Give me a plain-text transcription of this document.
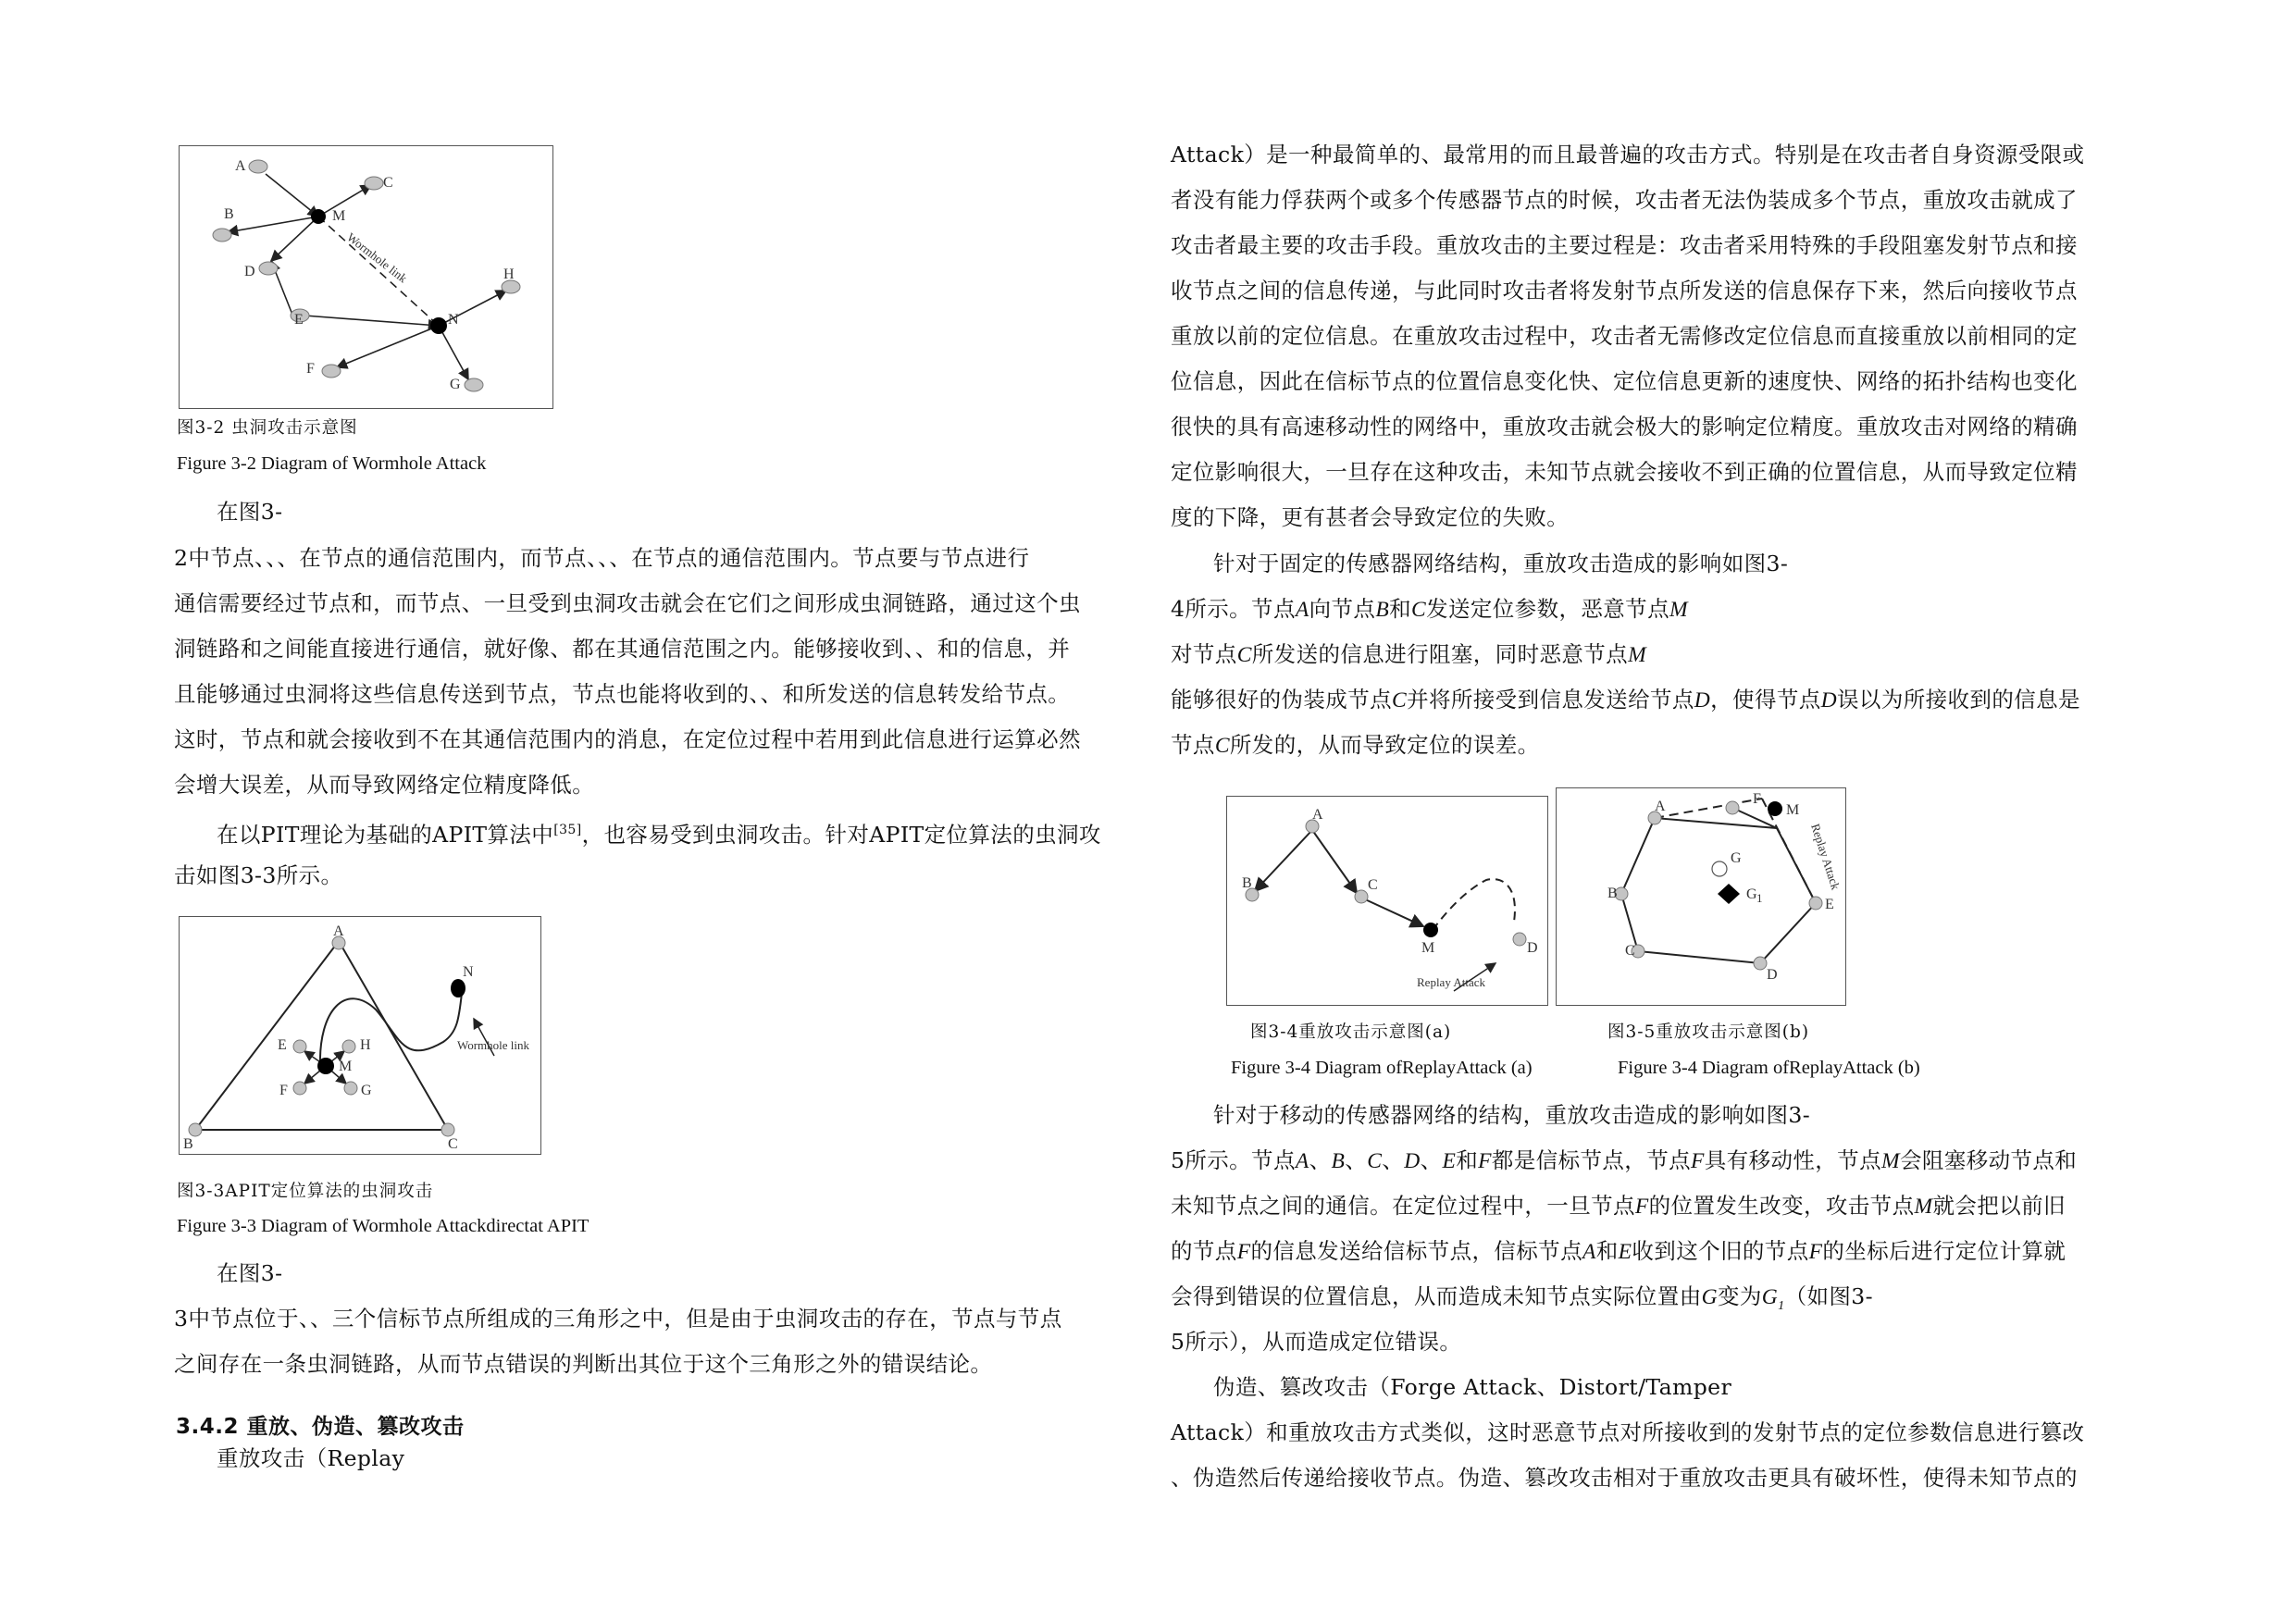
A
C
B	M
D
E	N
H
F
G
Wormhole link
图3-2 虫洞攻击示意图
Figure 3-2 Diagram of Wormhole Attack
在图3-
2中节点、、、在节点的通信范围内，而节点、、、在节点的通信范围内。节点要与节点进行
通信需要经过节点和，而节点、一旦受到虫洞攻击就会在它们之间形成虫洞链路，通过这个虫
洞链路和之间能直接进行通信，就好像、都在其通信范围之内。能够接收到、、和的信息，并
且能够通过虫洞将这些信息传送到节点，节点也能将收到的、、和所发送的信息转发给节点。
这时，节点和就会接收到不在其通信范围内的消息，在定位过程中若用到此信息进行运算必然
会增大误差，从而导致网络定位精度降低。
在以PIT理论为基础的APIT算法中[35]，也容易受到虫洞攻击。针对APIT定位算法的虫洞攻
击如图3-3所示。
A
B	C
E	H
F	G
M
N
Wormhole link
图3-3APIT定位算法的虫洞攻击
Figure 3-3 Diagram of Wormhole Attackdirectat APIT
在图3-
3中节点位于、、三个信标节点所组成的三角形之中，但是由于虫洞攻击的存在，节点与节点
之间存在一条虫洞链路，从而节点错误的判断出其位于这个三角形之外的错误结论。
3.4.2 重放、伪造、篡改攻击
重放攻击（Replay
Attack）是一种最简单的、最常用的而且最普遍的攻击方式。特别是在攻击者自身资源受限或
者没有能力俘获两个或多个传感器节点的时候，攻击者无法伪装成多个节点，重放攻击就成了
攻击者最主要的攻击手段。重放攻击的主要过程是：攻击者采用特殊的手段阻塞发射节点和接
收节点之间的信息传递，与此同时攻击者将发射节点所发送的信息保存下来，然后向接收节点
重放以前的定位信息。在重放攻击过程中，攻击者无需修改定位信息而直接重放以前相同的定
位信息，因此在信标节点的位置信息变化快、定位信息更新的速度快、网络的拓扑结构也变化
很快的具有高速移动性的网络中，重放攻击就会极大的影响定位精度。重放攻击对网络的精确
定位影响很大，一旦存在这种攻击，未知节点就会接收不到正确的位置信息，从而导致定位精
度的下降，更有甚者会导致定位的失败。
针对于固定的传感器网络结构，重放攻击造成的影响如图3-
4所示。节点A向节点B和C发送定位参数，恶意节点M
对节点C所发送的信息进行阻塞，同时恶意节点M
能够很好的伪装成节点C并将所接受到信息发送给节点D，使得节点D误以为所接收到的信息是
节点C所发的，从而导致定位的误差。
A
B	C
M	D
Replay Attack
A
B
C
D
E
F
G
G 1
M
Replay Attack
图3-4重放攻击示意图(a)	图3-5重放攻击示意图(b)
Figure 3-4 Diagram ofReplayAttack (a)	Figure 3-4 Diagram ofReplayAttack (b)
针对于移动的传感器网络的结构，重放攻击造成的影响如图3-
5所示。节点A、B、C、D、E和F都是信标节点，节点F具有移动性，节点M会阻塞移动节点和
未知节点之间的通信。在定位过程中，一旦节点F的位置发生改变，攻击节点M就会把以前旧
的节点F的信息发送给信标节点，信标节点A和E收到这个旧的节点F的坐标后进行定位计算就
会得到错误的位置信息，从而造成未知节点实际位置由G变为$G_1$（如图3-
5所示），从而造成定位错误。
伪造、篡改攻击（Forge Attack、Distort/Tamper
Attack）和重放攻击方式类似，这时恶意节点对所接收到的发射节点的定位参数信息进行篡改
、伪造然后传递给接收节点。伪造、篡改攻击相对于重放攻击更具有破坏性，使得未知节点的
